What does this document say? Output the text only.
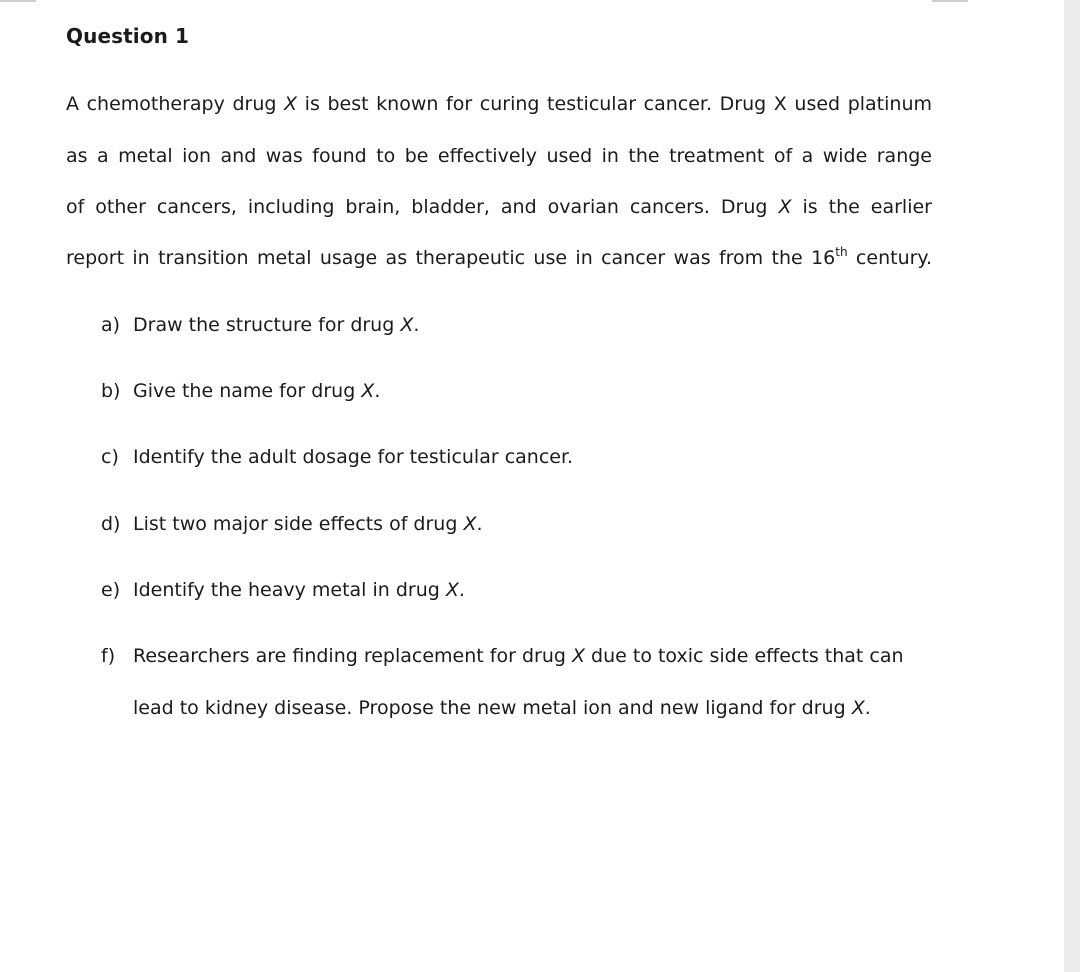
Question 1
A chemotherapy drug X is best known for curing testicular cancer. Drug X used platinum
as a metal ion and was found to be effectively used in the treatment of a wide range
of other cancers, including brain, bladder, and ovarian cancers. Drug X is the earlier
report in transition metal usage as therapeutic use in cancer was from the 16th century.
a) Draw the structure for drug X.
b) Give the name for drug X.
c) Identify the adult dosage for testicular cancer.
d) List two major side effects of drug X.
e) Identify the heavy metal in drug X.
f) Researchers are finding replacement for drug X due to toxic side effects that can
lead to kidney disease. Propose the new metal ion and new ligand for drug X.
